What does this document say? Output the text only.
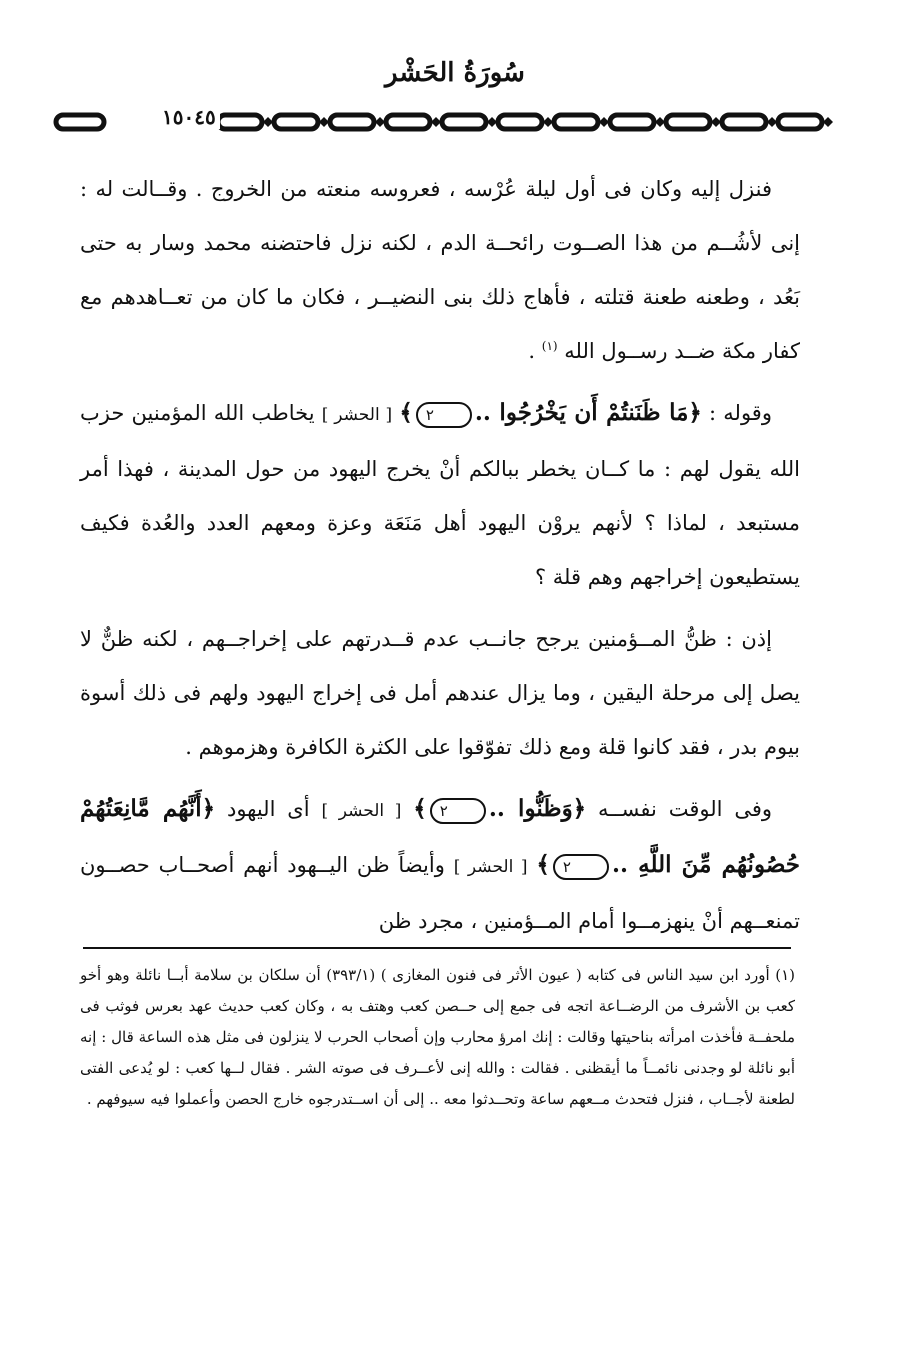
سُورَةُ الحَشْر
١٥٠٤٥

فنزل إليه وكان فى أول ليلة عُرْسه ، فعروسه منعته من الخروج . وقــالت له : إنى لأشُــم من هذا الصــوت رائحــة الدم ، لكنه نزل فاحتضنه محمد وسار به حتى بَعُد ، وطعنه طعنة قتلته ، فأهاج ذلك بنى النضيــر ، فكان ما كان من تعــاهدهم مع كفار مكة ضــد رســول الله $^{(١)}$ .

وقوله : ﴿مَا ظَنَنتُمْ أَن يَخْرُجُوا ..٢﴾ [ الحشر ] يخاطب الله المؤمنين حزب الله يقول لهم : ما كــان يخطر ببالكم أنْ يخرج اليهود من حول المدينة ، فهذا أمر مستبعد ، لماذا ؟ لأنهم يروْن اليهود أهل مَنَعَة وعزة ومعهم العدد والعُدة فكيف يستطيعون إخراجهم وهم قلة ؟

إذن : ظنُّ المــؤمنين يرجح جانــب عدم قــدرتهم على إخراجــهم ، لكنه ظنٌّ لا يصل إلى مرحلة اليقين ، وما يزال عندهم أمل فى إخراج اليهود ولهم فى ذلك أسوة بيوم بدر ، فقد كانوا قلة ومع ذلك تفوّقوا على الكثرة الكافرة وهزموهم .

وفى الوقت نفســه ﴿وَظَنُّوا ..٢﴾ [ الحشر ] أى اليهود ﴿أَنَّهُم مَّانِعَتُهُمْ حُصُونُهُم مِّنَ اللَّهِ ..٢﴾ [ الحشر ] وأيضاً ظن اليــهود أنهم أصحــاب حصــون تمنعــهم أنْ ينهزمــوا أمام المــؤمنين ، مجرد ظن

(١) أورد ابن سيد الناس فى كتابه ( عيون الأثر فى فنون المغازى ) (٣٩٣/١) أن سلكان بن سلامة أبــا نائلة وهو أخو كعب بن الأشرف من الرضــاعة اتجه فى جمع إلى حــصن كعب وهتف به ، وكان كعب حديث عهد بعرس فوثب فى ملحفــة فأخذت امرأته بناحيتها وقالت : إنك امرؤ محارب وإن أصحاب الحرب لا ينزلون فى مثل هذه الساعة قال : إنه أبو نائلة لو وجدنى نائمــاً ما أيقظنى . فقالت : والله إنى لأعــرف فى صوته الشر . فقال لــها كعب : لو يُدعى الفتى لطعنة لأجــاب ، فنزل فتحدث مــعهم ساعة وتحــدثوا معه .. إلى أن اســتدرجوه خارج الحصن وأعملوا فيه سيوفهم .
